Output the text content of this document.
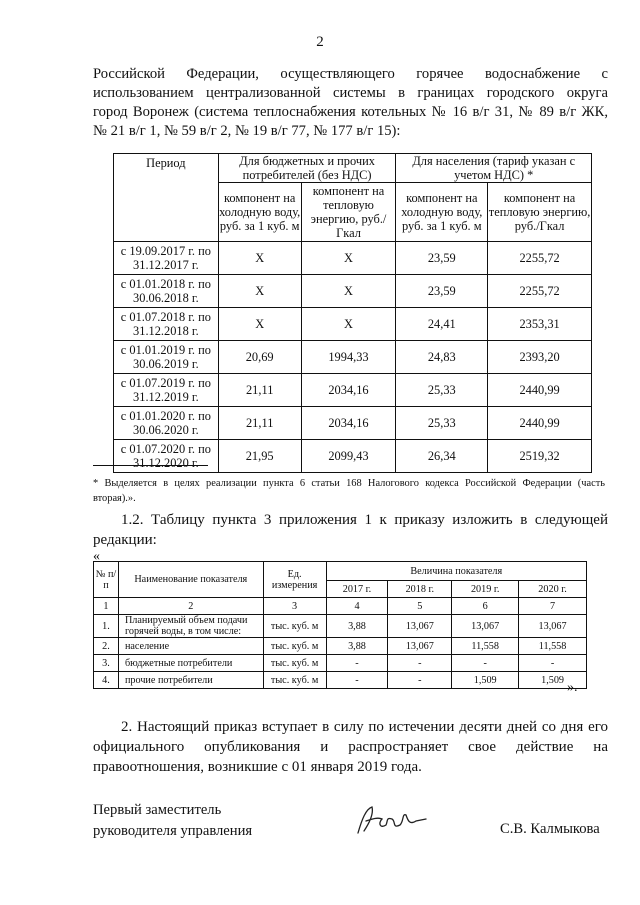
2

Российской Федерации, осуществляющего горячее водоснабжение с

использованием централизованной системы в границах городского округа

город Воронеж (система теплоснабжения котельных № 16 в/г 31, № 89 в/г ЖК,

№ 21 в/г 1, № 59 в/г 2, № 19 в/г 77, № 177 в/г 15):

Период	Для бюджетных и прочих потребителей (без НДС)		Для населения (тариф указан с учетом НДС) *	
	компонент на холодную воду, руб. за 1 куб. м	компонент на тепловую энергию, руб./Гкал	компонент на холодную воду, руб. за 1 куб. м	компонент на тепловую энергию, руб./Гкал
с 19.09.2017 г. по 31.12.2017 г.	Х	Х	23,59	2255,72
с 01.01.2018 г. по 30.06.2018 г.	Х	Х	23,59	2255,72
с 01.07.2018 г. по 31.12.2018 г.	Х	Х	24,41	2353,31
с 01.01.2019 г. по 30.06.2019 г.	20,69	1994,33	24,83	2393,20
с 01.07.2019 г. по 31.12.2019 г.	21,11	2034,16	25,33	2440,99
с 01.01.2020 г. по 30.06.2020 г.	21,11	2034,16	25,33	2440,99
с 01.07.2020 г. по 31.12.2020 г.	21,95	2099,43	26,34	2519,32

* Выделяется в целях реализации пункта 6 статьи 168 Налогового кодекса Российской Федерации (часть

вторая).».

1.2. Таблицу пункта 3 приложения 1 к приказу изложить в следующей

редакции:

«
№ п/п	Наименование показателя	Ед. измерения	Величина показателя			
			2017 г.	2018 г.	2019 г.	2020 г.
1	2	3	4	5	6	7
1.	Планируемый объем подачи горячей воды, в том числе:	тыс. куб. м	3,88	13,067	13,067	13,067
2.	население	тыс. куб. м	3,88	13,067	11,558	11,558
3.	бюджетные потребители	тыс. куб. м	-	-	-	-
4.	прочие потребители	тыс. куб. м	-	-	1,509	1,509 ».

2. Настоящий приказ вступает в силу по истечении десяти дней со дня его

официального опубликования и распространяет свое действие на

правоотношения, возникшие с 01 января 2019 года.

Первый заместитель

руководителя управления	С.В. Калмыкова
